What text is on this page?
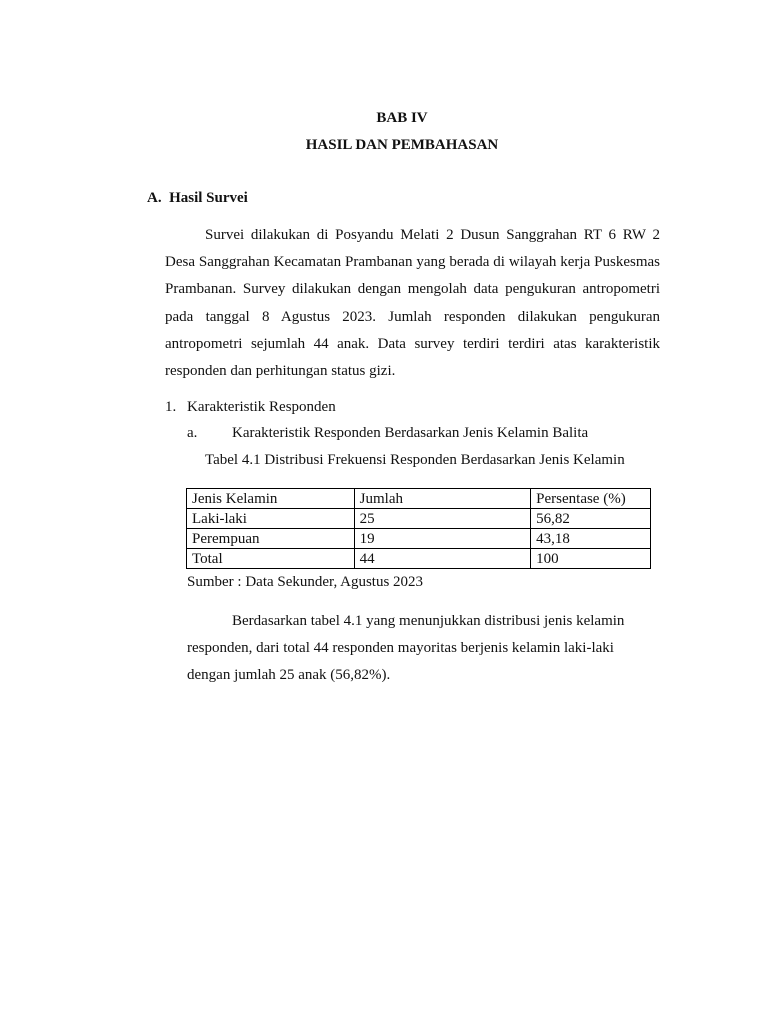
BAB IV
HASIL DAN PEMBAHASAN
A. Hasil Survei
Survei dilakukan di Posyandu Melati 2 Dusun Sanggrahan RT 6 RW 2 Desa Sanggrahan Kecamatan Prambanan yang berada di wilayah kerja Puskesmas Prambanan. Survey dilakukan dengan mengolah data pengukuran antropometri pada tanggal 8 Agustus 2023. Jumlah responden dilakukan pengukuran antropometri sejumlah 44 anak. Data survey terdiri terdiri atas karakteristik responden dan perhitungan status gizi.
1. Karakteristik Responden
a. Karakteristik Responden Berdasarkan Jenis Kelamin Balita
Tabel 4.1 Distribusi Frekuensi Responden Berdasarkan Jenis Kelamin
Jenis Kelamin	Jumlah	Persentase (%)
Laki-laki	25	56,82
Perempuan	19	43,18
Total	44	100
Sumber : Data Sekunder, Agustus 2023
Berdasarkan tabel 4.1 yang menunjukkan distribusi jenis kelamin responden, dari total 44 responden mayoritas berjenis kelamin laki-laki dengan jumlah 25 anak (56,82%).
